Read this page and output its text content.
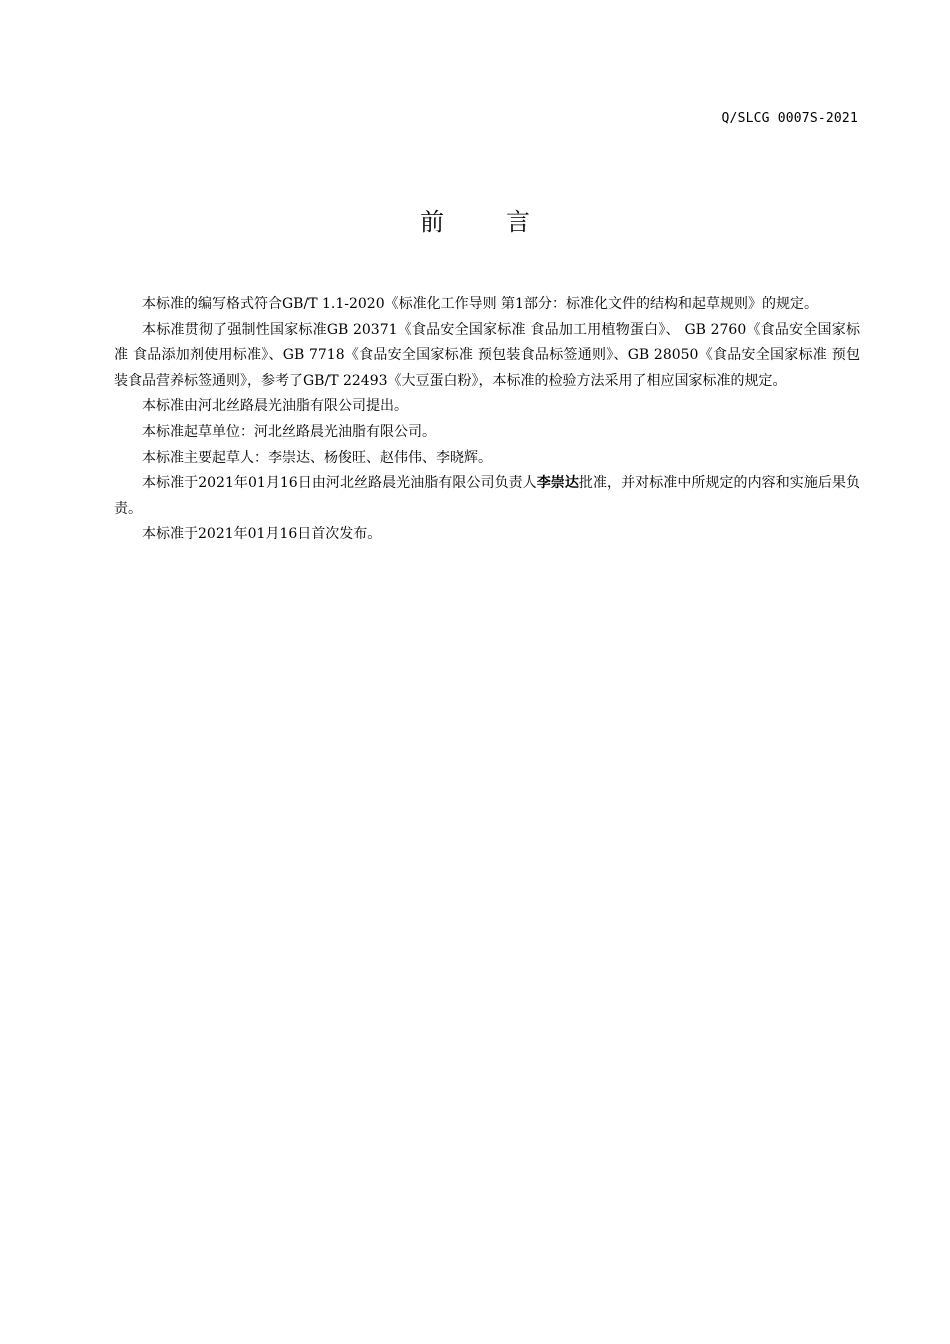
Q/SLCG 0007S-2021
前言

本标准的编写格式符合GB/T 1.1-2020《标准化工作导则 第1部分：标准化文件的结构和起草规则》的规定。

本标准贯彻了强制性国家标准GB 20371《食品安全国家标准 食品加工用植物蛋白》、 GB 2760《食品安全国家标准 食品添加剂使用标准》、GB 7718《食品安全国家标准 预包装食品标签通则》、GB 28050《食品安全国家标准 预包装食品营养标签通则》，参考了GB/T 22493《大豆蛋白粉》，本标准的检验方法采用了相应国家标准的规定。

本标准由河北丝路晨光油脂有限公司提出。

本标准起草单位：河北丝路晨光油脂有限公司。

本标准主要起草人：李崇达、杨俊旺、赵伟伟、李晓辉。

本标准于2021年01月16日由河北丝路晨光油脂有限公司负责人李崇达批准，并对标准中所规定的内容和实施后果负责。

本标准于2021年01月16日首次发布。
